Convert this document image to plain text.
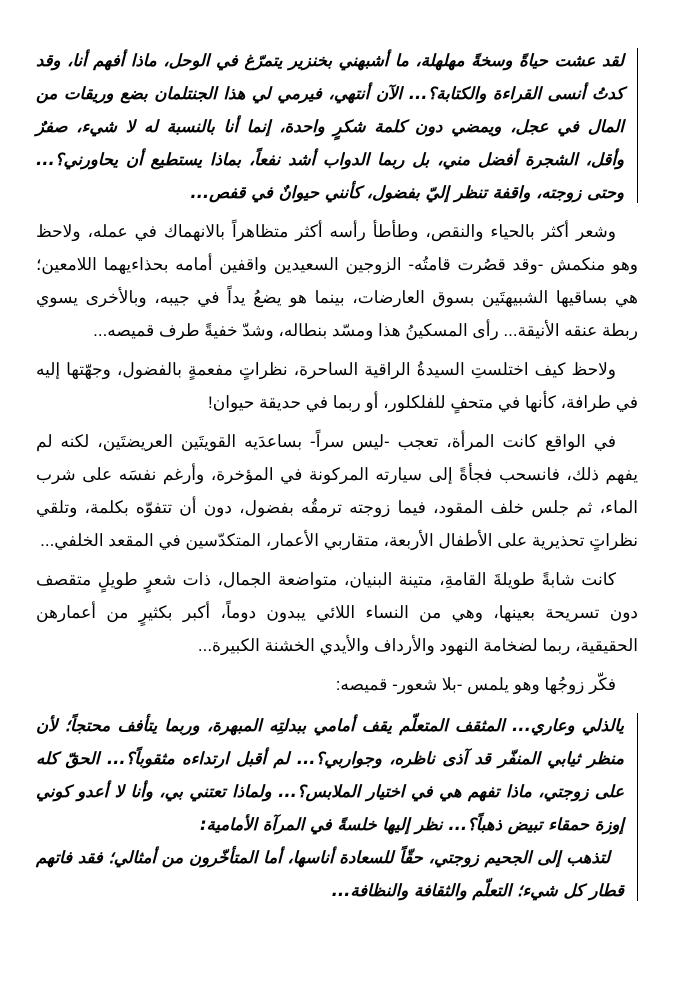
لقد عشت حياةً وسخةً مهلهلة، ما أشبهني بخنزير يتمرّغ في الوحل، ماذا أفهم أنا، وقد كدتُ أنسى القراءة والكتابة؟... الآن أنتهي، فيرمي لي هذا الجنتلمان بضع وريقات من المال في عجل، ويمضي دون كلمة شكرٍ واحدة، إنما أنا بالنسبة له لا شيء، صفرٌ وأقل، الشجرة أفضل مني، بل ربما الدواب أشد نفعاً، بماذا يستطيع أن يحاورني؟... وحتى زوجته، واقفة تنظر إليّ بفضول، كأنني حيوانٌ في قفص...

وشعر أكثر بالحياء والنقص، وطأطأ رأسه أكثر متظاهراً بالانهماك في عمله، ولاحظ وهو منكمش -وقد قصُرت قامتُه- الزوجين السعيدين واقفين أمامه بحذاءيهما اللامعين؛ هي بساقيها الشبيهتَين بسوق العارضات، بينما هو يضعُ يداً في جيبه، وبالأخرى يسوي ربطة عنقه الأنيقة... رأى المسكينُ هذا ومسّد بنطاله، وشدّ خفيةً طرف قميصه...

ولاحظ كيف اختلستِ السيدةُ الراقية الساحرة، نظراتٍ مفعمةٍ بالفضول، وجهّتها إليه في طرافة، كأنها في متحفٍ للفلكلور، أو ربما في حديقة حيوان!

في الواقع كانت المرأة، تعجب -ليس سراً- بساعدَيه القويتَين العريضتَين، لكنه لم يفهم ذلك، فانسحب فجأةً إلى سيارته المركونة في المؤخرة، وأرغم نفسَه على شرب الماء، ثم جلس خلف المقود، فيما زوجته ترمقُه بفضول، دون أن تتفوّه بكلمة، وتلقي نظراتٍ تحذيرية على الأطفال الأربعة، متقاربي الأعمار، المتكدّسين في المقعد الخلفي...

كانت شابةً طويلةَ القامةِ، متينة البنيان، متواضعة الجمال، ذات شعرٍ طويلٍ متقصف دون تسريحة بعينها، وهي من النساء اللائي يبدون دوماً، أكبر بكثيرٍ من أعمارهن الحقيقية، ربما لضخامة النهود والأرداف والأيدي الخشنة الكبيرة...

فكّر زوجُها وهو يلمس -بلا شعور- قميصه:

يالذلي وعاري... المثقف المتعلّم يقف أمامي ببدلتِه المبهرة، وربما يتأفف محتجاً؛ لأن منظر ثيابي المنفّر قد آذى ناظره، وجواربي؟... لم أقبل ارتداءه مثقوباً؟... الحقّ كله على زوجتي، ماذا تفهم هي في اختيار الملابس؟... ولماذا تعتني بي، وأنا لا أعدو كوني إوزة حمقاء تبيض ذهباً؟... نظر إليها خلسةً في المرآة الأمامية:

لتذهب إلى الجحيم زوجتي، حقّاً للسعادة أناسها، أما المتأخّرون من أمثالي؛ فقد فاتهم قطار كل شيء؛ التعلّم والثقافة والنظافة...
